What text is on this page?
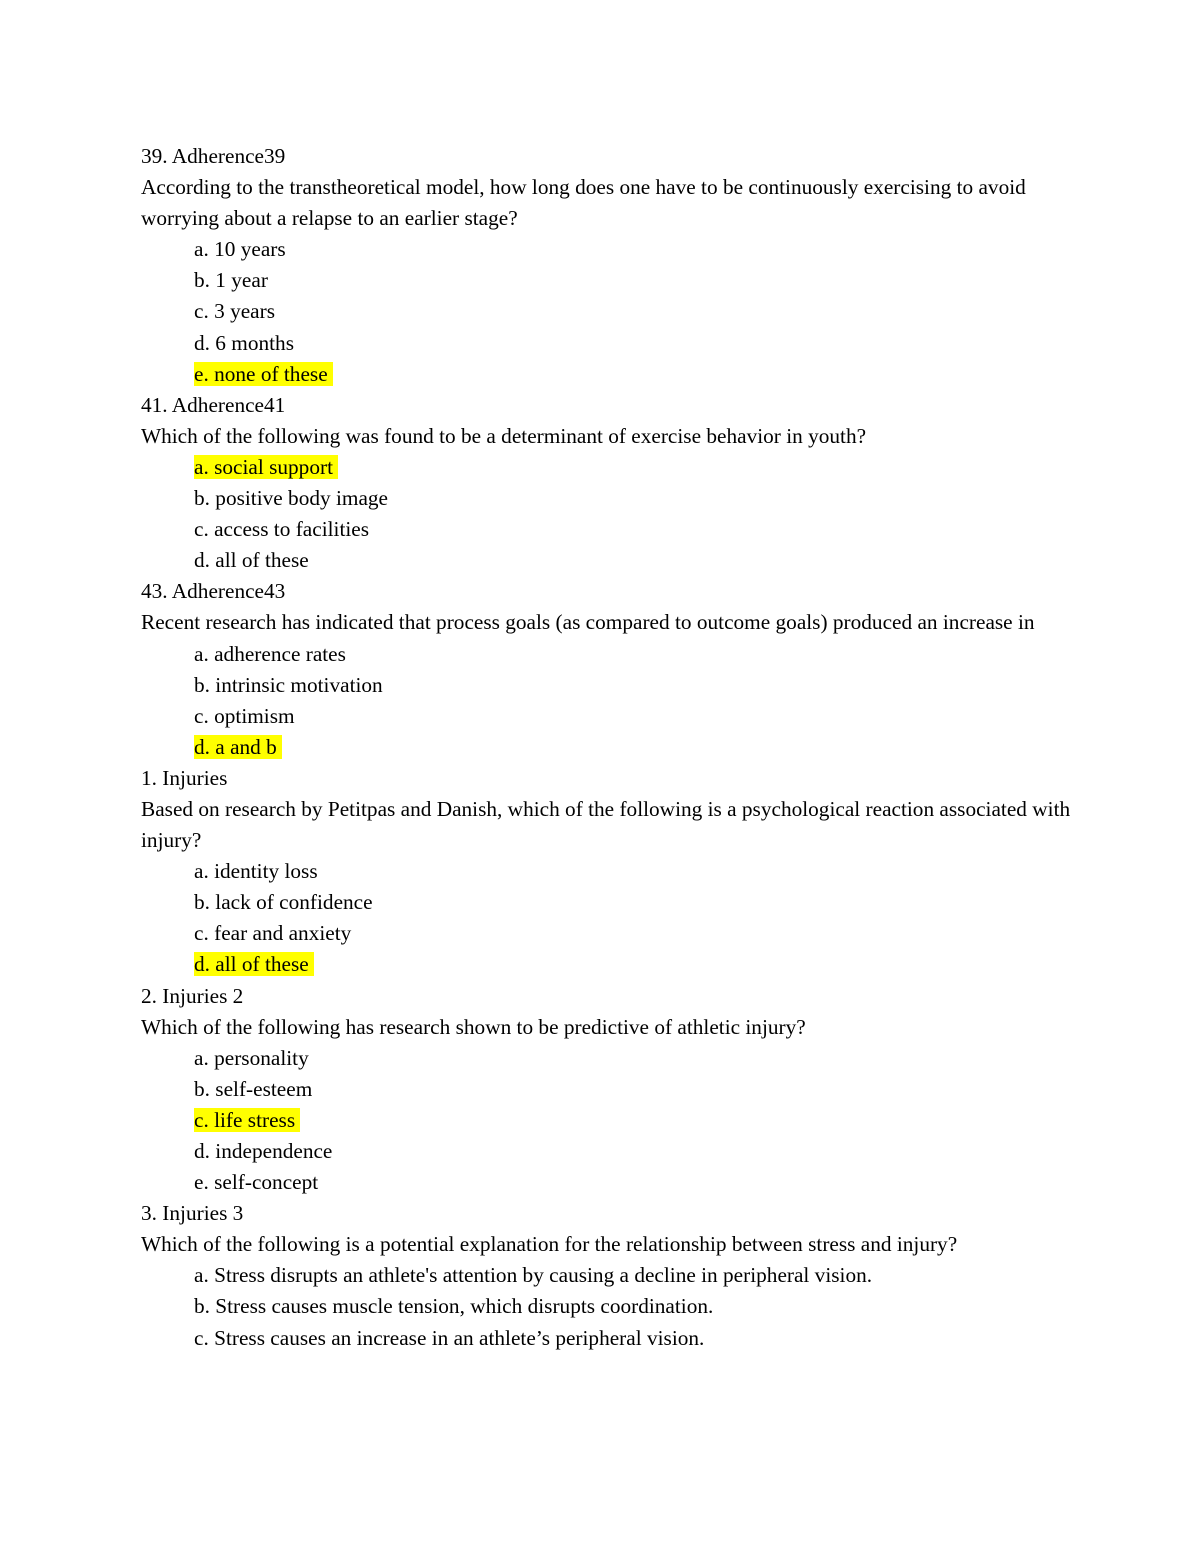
39. Adherence39
According to the transtheoretical model, how long does one have to be continuously exercising to avoid worrying about a relapse to an earlier stage?
a. 10 years
b. 1 year
c. 3 years
d. 6 months
e. none of these
41. Adherence41
Which of the following was found to be a determinant of exercise behavior in youth?
a. social support
b. positive body image
c. access to facilities
d. all of these
43. Adherence43
Recent research has indicated that process goals (as compared to outcome goals) produced an increase in
a. adherence rates
b. intrinsic motivation
c. optimism
d. a and b
1. Injuries
Based on research by Petitpas and Danish, which of the following is a psychological reaction associated with injury?
a. identity loss
b. lack of confidence
c. fear and anxiety
d. all of these
2. Injuries 2
Which of the following has research shown to be predictive of athletic injury?
a. personality
b. self-esteem
c. life stress
d. independence
e. self-concept
3. Injuries 3
Which of the following is a potential explanation for the relationship between stress and injury?
a. Stress disrupts an athlete's attention by causing a decline in peripheral vision.
b. Stress causes muscle tension, which disrupts coordination.
c. Stress causes an increase in an athlete’s peripheral vision.
